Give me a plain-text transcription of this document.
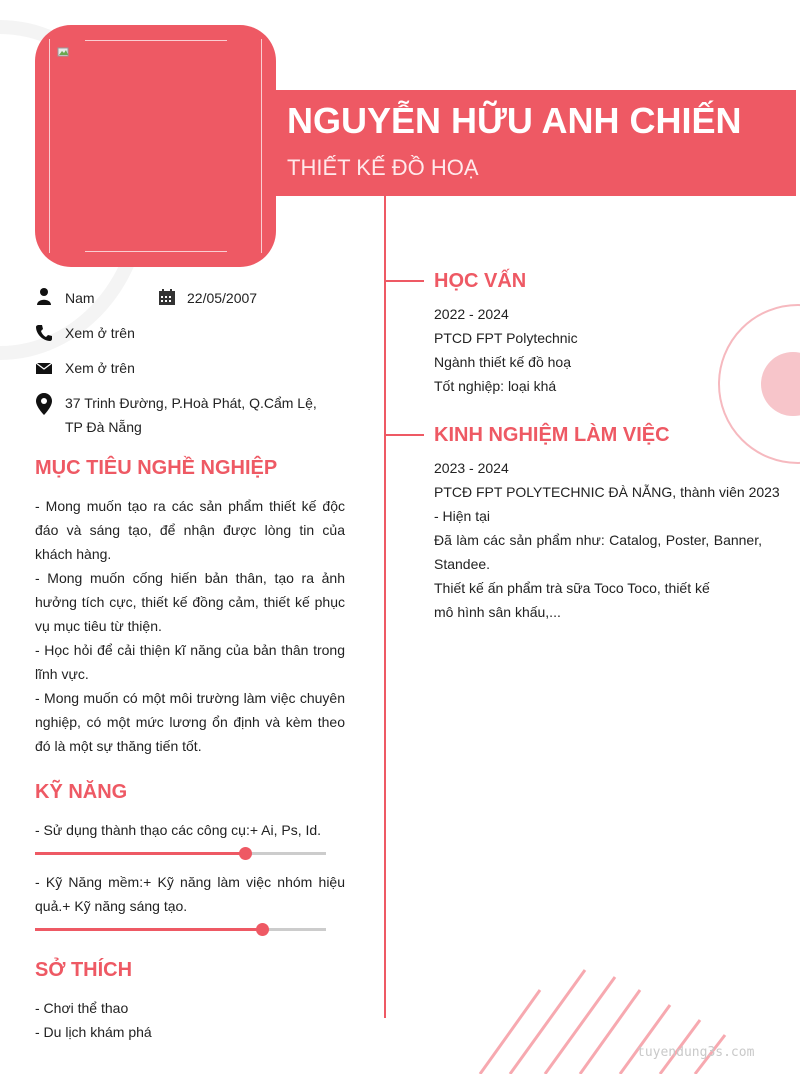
NGUYỄN HỮU ANH CHIẾN
THIẾT KẾ ĐỒ HOẠ
Nam	22/05/2007
Xem ở trên
Xem ở trên
37 Trinh Đường, P.Hoà Phát, Q.Cẩm Lệ,
TP Đà Nẵng
MỤC TIÊU NGHỀ NGHIỆP
- Mong muốn tạo ra các sản phẩm thiết kế độc đáo và sáng tạo, để nhận được lòng tin của khách hàng.
- Mong muốn cống hiến bản thân, tạo ra ảnh hưởng tích cực, thiết kế đồng cảm, thiết kế phục vụ mục tiêu từ thiện.
- Học hỏi để cải thiện kĩ năng của bản thân trong lĩnh vực.
- Mong muốn có một môi trường làm việc chuyên nghiệp, có một mức lương ổn định và kèm theo đó là một sự thăng tiến tốt.
KỸ NĂNG
- Sử dụng thành thạo các công cụ:+ Ai, Ps, Id.
- Kỹ Năng mềm:+ Kỹ năng làm việc nhóm hiệu quả.+ Kỹ năng sáng tạo.
SỞ THÍCH
- Chơi thể thao
- Du lịch khám phá
HỌC VẤN
2022 - 2024
PTCD FPT Polytechnic
Ngành thiết kế đồ hoạ
Tốt nghiệp: loại khá
KINH NGHIỆM LÀM VIỆC
2023 - 2024
PTCĐ FPT POLYTECHNIC ĐÀ NẴNG, thành viên 2023
- Hiện tại
Đã làm các sản phẩm như: Catalog, Poster, Banner, Standee.
Thiết kế ấn phẩm trà sữa Toco Toco, thiết kế
mô hình sân khấu,...
tuyendung3s.com
